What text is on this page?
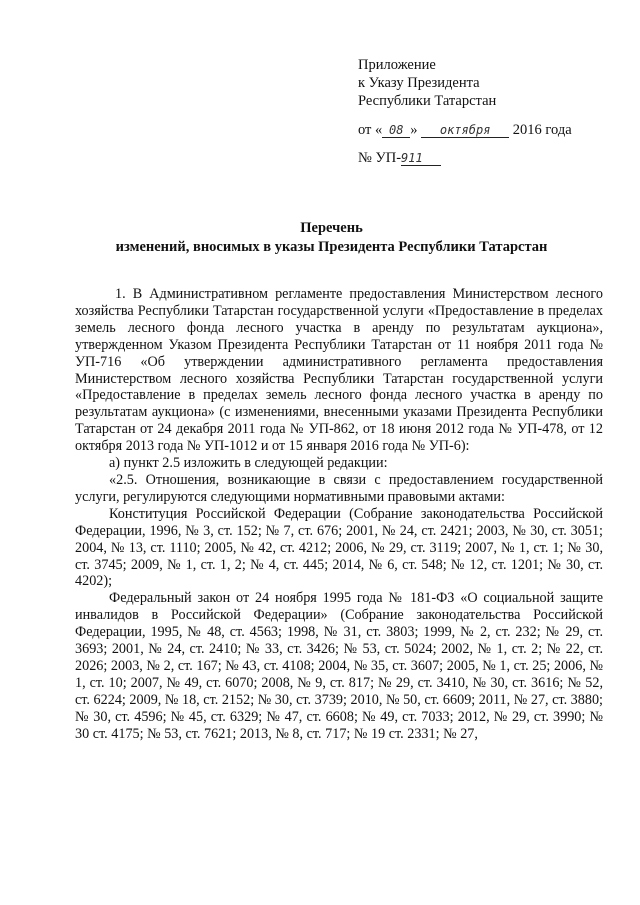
Приложение
к Указу Президента
Республики Татарстан
от « 08 » октября 2016 года
№ УП-911
Перечень
изменений, вносимых в указы Президента Республики Татарстан

1. В Административном регламенте предоставления Министерством лесного хозяйства Республики Татарстан государственной услуги «Предоставление в пределах земель лесного фонда лесного участка в аренду по результатам аукциона», утвержденном Указом Президента Республики Татарстан от 11 ноября 2011 года № УП-716 «Об утверждении административного регламента предоставления Министерством лесного хозяйства Республики Татарстан государственной услуги «Предоставление в пределах земель лесного фонда лесного участка в аренду по результатам аукциона» (с изменениями, внесенными указами Президента Республики Татарстан от 24 декабря 2011 года № УП-862, от 18 июня 2012 года № УП-478, от 12 октября 2013 года № УП-1012 и от 15 января 2016 года № УП-6):

а) пункт 2.5 изложить в следующей редакции:

«2.5. Отношения, возникающие в связи с предоставлением государственной услуги, регулируются следующими нормативными правовыми актами:

Конституция Российской Федерации (Собрание законодательства Российской Федерации, 1996, № 3, ст. 152; № 7, ст. 676; 2001, № 24, ст. 2421; 2003, № 30, ст. 3051; 2004, № 13, ст. 1110; 2005, № 42, ст. 4212; 2006, № 29, ст. 3119; 2007, № 1, ст. 1; № 30, ст. 3745; 2009, № 1, ст. 1, 2; № 4, ст. 445; 2014, № 6, ст. 548; № 12, ст. 1201; № 30, ст. 4202);

Федеральный закон от 24 ноября 1995 года № 181-ФЗ «О социальной защите инвалидов в Российской Федерации» (Собрание законодательства Российской Федерации, 1995, № 48, ст. 4563; 1998, № 31, ст. 3803; 1999, № 2, ст. 232; № 29, ст. 3693; 2001, № 24, ст. 2410; № 33, ст. 3426; № 53, ст. 5024; 2002, № 1, ст. 2; № 22, ст. 2026; 2003, № 2, ст. 167; № 43, ст. 4108; 2004, № 35, ст. 3607; 2005, № 1, ст. 25; 2006, № 1, ст. 10; 2007, № 49, ст. 6070; 2008, № 9, ст. 817; № 29, ст. 3410, № 30, ст. 3616; № 52, ст. 6224; 2009, № 18, ст. 2152; № 30, ст. 3739; 2010, № 50, ст. 6609; 2011, № 27, ст. 3880; № 30, ст. 4596; № 45, ст. 6329; № 47, ст. 6608; № 49, ст. 7033; 2012, № 29, ст. 3990; № 30 ст. 4175; № 53, ст. 7621; 2013, № 8, ст. 717; № 19 ст. 2331; № 27,
